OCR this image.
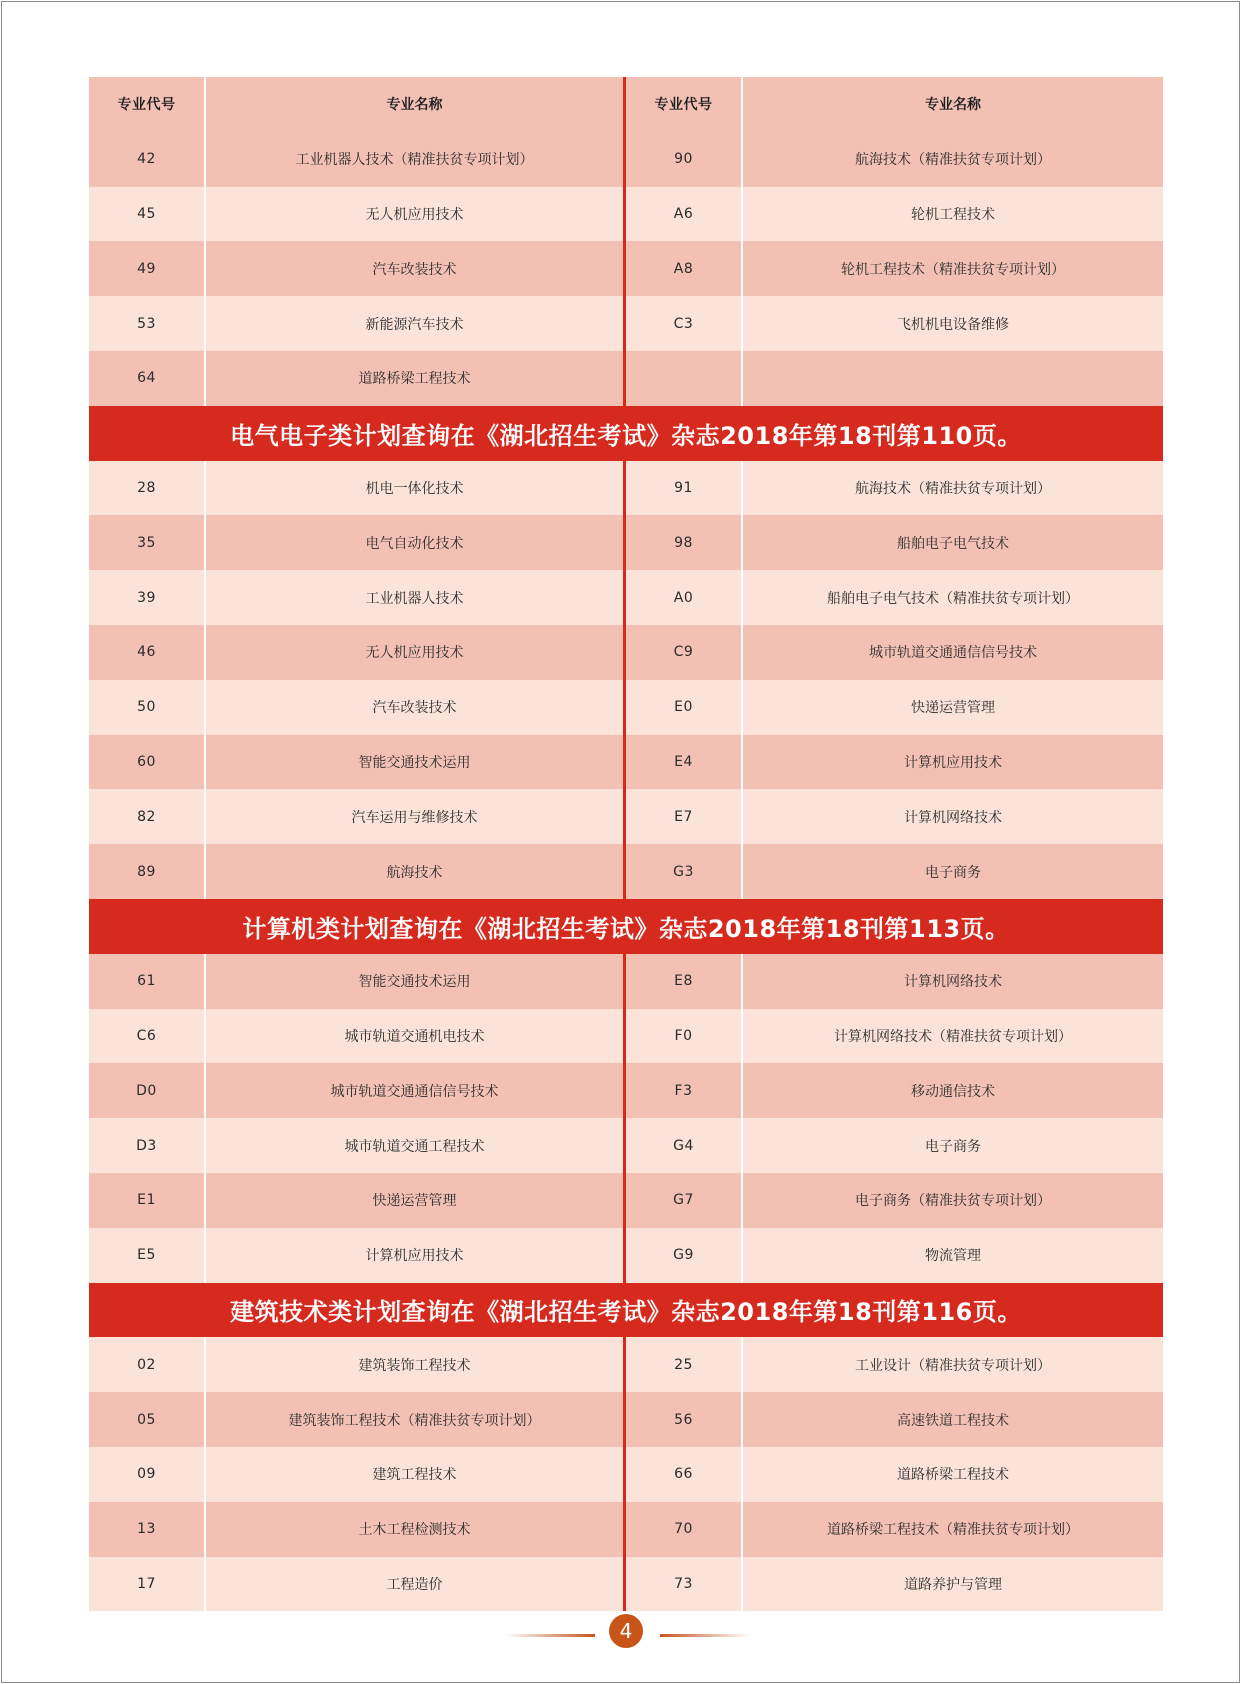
专业代号	专业名称	专业代号	专业名称
42	工业机器人技术（精准扶贫专项计划）	90	航海技术（精准扶贫专项计划）
45	无人机应用技术	A6	轮机工程技术
49	汽车改装技术	A8	轮机工程技术（精准扶贫专项计划）
53	新能源汽车技术	C3	飞机机电设备维修
64	道路桥梁工程技术
电气电子类计划查询在《湖北招生考试》杂志2018年第18刊第110页。
28	机电一体化技术	91	航海技术（精准扶贫专项计划）
35	电气自动化技术	98	船舶电子电气技术
39	工业机器人技术	A0	船舶电子电气技术（精准扶贫专项计划）
46	无人机应用技术	C9	城市轨道交通通信信号技术
50	汽车改装技术	E0	快递运营管理
60	智能交通技术运用	E4	计算机应用技术
82	汽车运用与维修技术	E7	计算机网络技术
89	航海技术	G3	电子商务
计算机类计划查询在《湖北招生考试》杂志2018年第18刊第113页。
61	智能交通技术运用	E8	计算机网络技术
C6	城市轨道交通机电技术	F0	计算机网络技术（精准扶贫专项计划）
D0	城市轨道交通通信信号技术	F3	移动通信技术
D3	城市轨道交通工程技术	G4	电子商务
E1	快递运营管理	G7	电子商务（精准扶贫专项计划）
E5	计算机应用技术	G9	物流管理
建筑技术类计划查询在《湖北招生考试》杂志2018年第18刊第116页。
02	建筑装饰工程技术	25	工业设计（精准扶贫专项计划）
05	建筑装饰工程技术（精准扶贫专项计划）	56	高速铁道工程技术
09	建筑工程技术	66	道路桥梁工程技术
13	土木工程检测技术	70	道路桥梁工程技术（精准扶贫专项计划）
17	工程造价	73	道路养护与管理
4
